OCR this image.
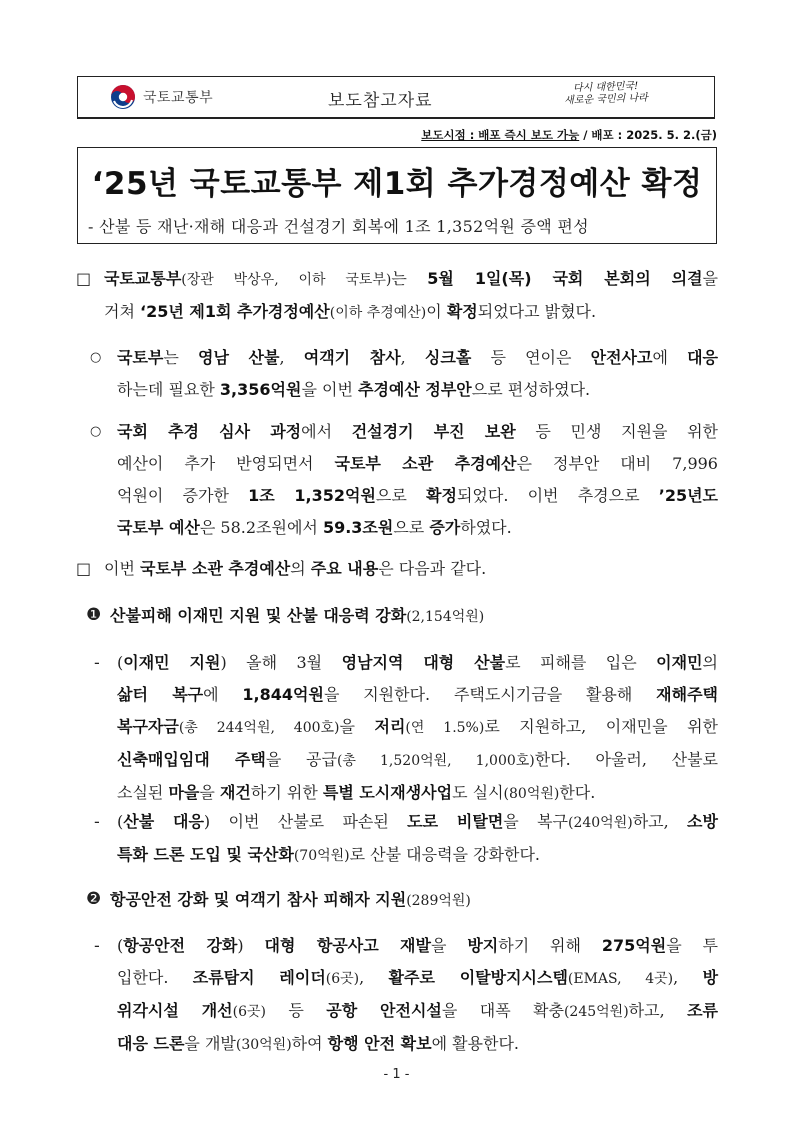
국토교통부	보도참고자료
다시 대한민국!
새로운 국민의 나라
보도시점 : 배포 즉시 보도 가능 / 배포 : 2025. 5. 2.(금)
‘25년 국토교통부 제1회 추가경정예산 확정
- 산불 등 재난·재해 대응과 건설경기 회복에 1조 1,352억원 증액 편성
□ 국토교통부(장관 박상우, 이하 국토부)는 5월 1일(목) 국회 본회의 의결을
거쳐 ‘25년 제1회 추가경정예산(이하 추경예산)이 확정되었다고 밝혔다.
○ 국토부는 영남 산불, 여객기 참사, 싱크홀 등 연이은 안전사고에 대응
하는데 필요한 3,356억원을 이번 추경예산 정부안으로 편성하였다.
○ 국회 추경 심사 과정에서 건설경기 부진 보완 등 민생 지원을 위한
예산이 추가 반영되면서 국토부 소관 추경예산은 정부안 대비 7,996
억원이 증가한 1조 1,352억원으로 확정되었다. 이번 추경으로 ’25년도
국토부 예산은 58.2조원에서 59.3조원으로 증가하였다.
□ 이번 국토부 소관 추경예산의 주요 내용은 다음과 같다.
❶ 산불피해 이재민 지원 및 산불 대응력 강화(2,154억원)
- (이재민 지원) 올해 3월 영남지역 대형 산불로 피해를 입은 이재민의
삶터 복구에 1,844억원을 지원한다. 주택도시기금을 활용해 재해주택
복구자금(총 244억원, 400호)을 저리(연 1.5%)로 지원하고, 이재민을 위한
신축매입임대 주택을 공급(총 1,520억원, 1,000호)한다. 아울러, 산불로
소실된 마을을 재건하기 위한 특별 도시재생사업도 실시(80억원)한다.
- (산불 대응) 이번 산불로 파손된 도로 비탈면을 복구(240억원)하고, 소방
특화 드론 도입 및 국산화(70억원)로 산불 대응력을 강화한다.
❷ 항공안전 강화 및 여객기 참사 피해자 지원(289억원)
- (항공안전 강화) 대형 항공사고 재발을 방지하기 위해 275억원을 투
입한다. 조류탐지 레이더(6곳), 활주로 이탈방지시스템(EMAS, 4곳), 방
위각시설 개선(6곳) 등 공항 안전시설을 대폭 확충(245억원)하고, 조류
대응 드론을 개발(30억원)하여 항행 안전 확보에 활용한다.
- 1 -
